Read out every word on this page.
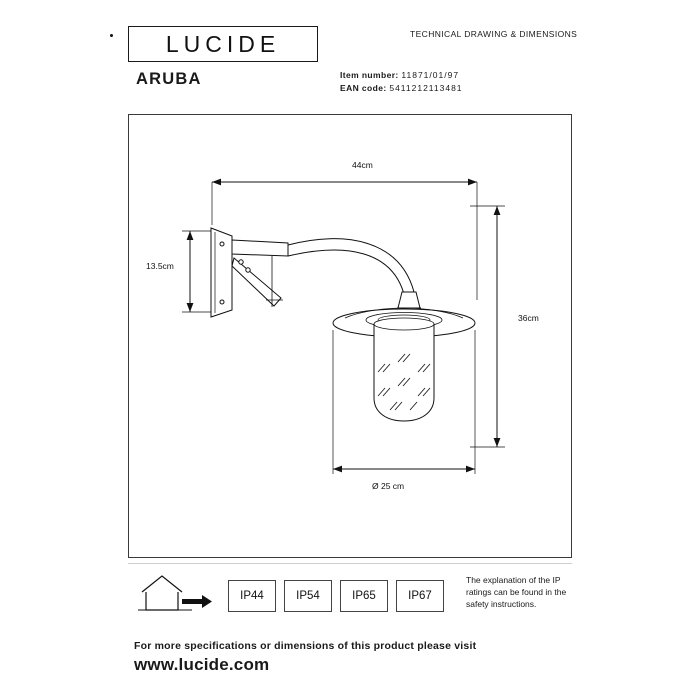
LUCIDE	TECHNICAL DRAWING & DIMENSIONS
ARUBA	Item number: 11871/01/97
EAN code: 5411212113481
44cm
13.5cm
36cm
Ø 25 cm
IP44	IP54	IP65	IP67
The explanation of the IP ratings can be found in the safety instructions.
For more specifications or dimensions of this product please visit
www.lucide.com
